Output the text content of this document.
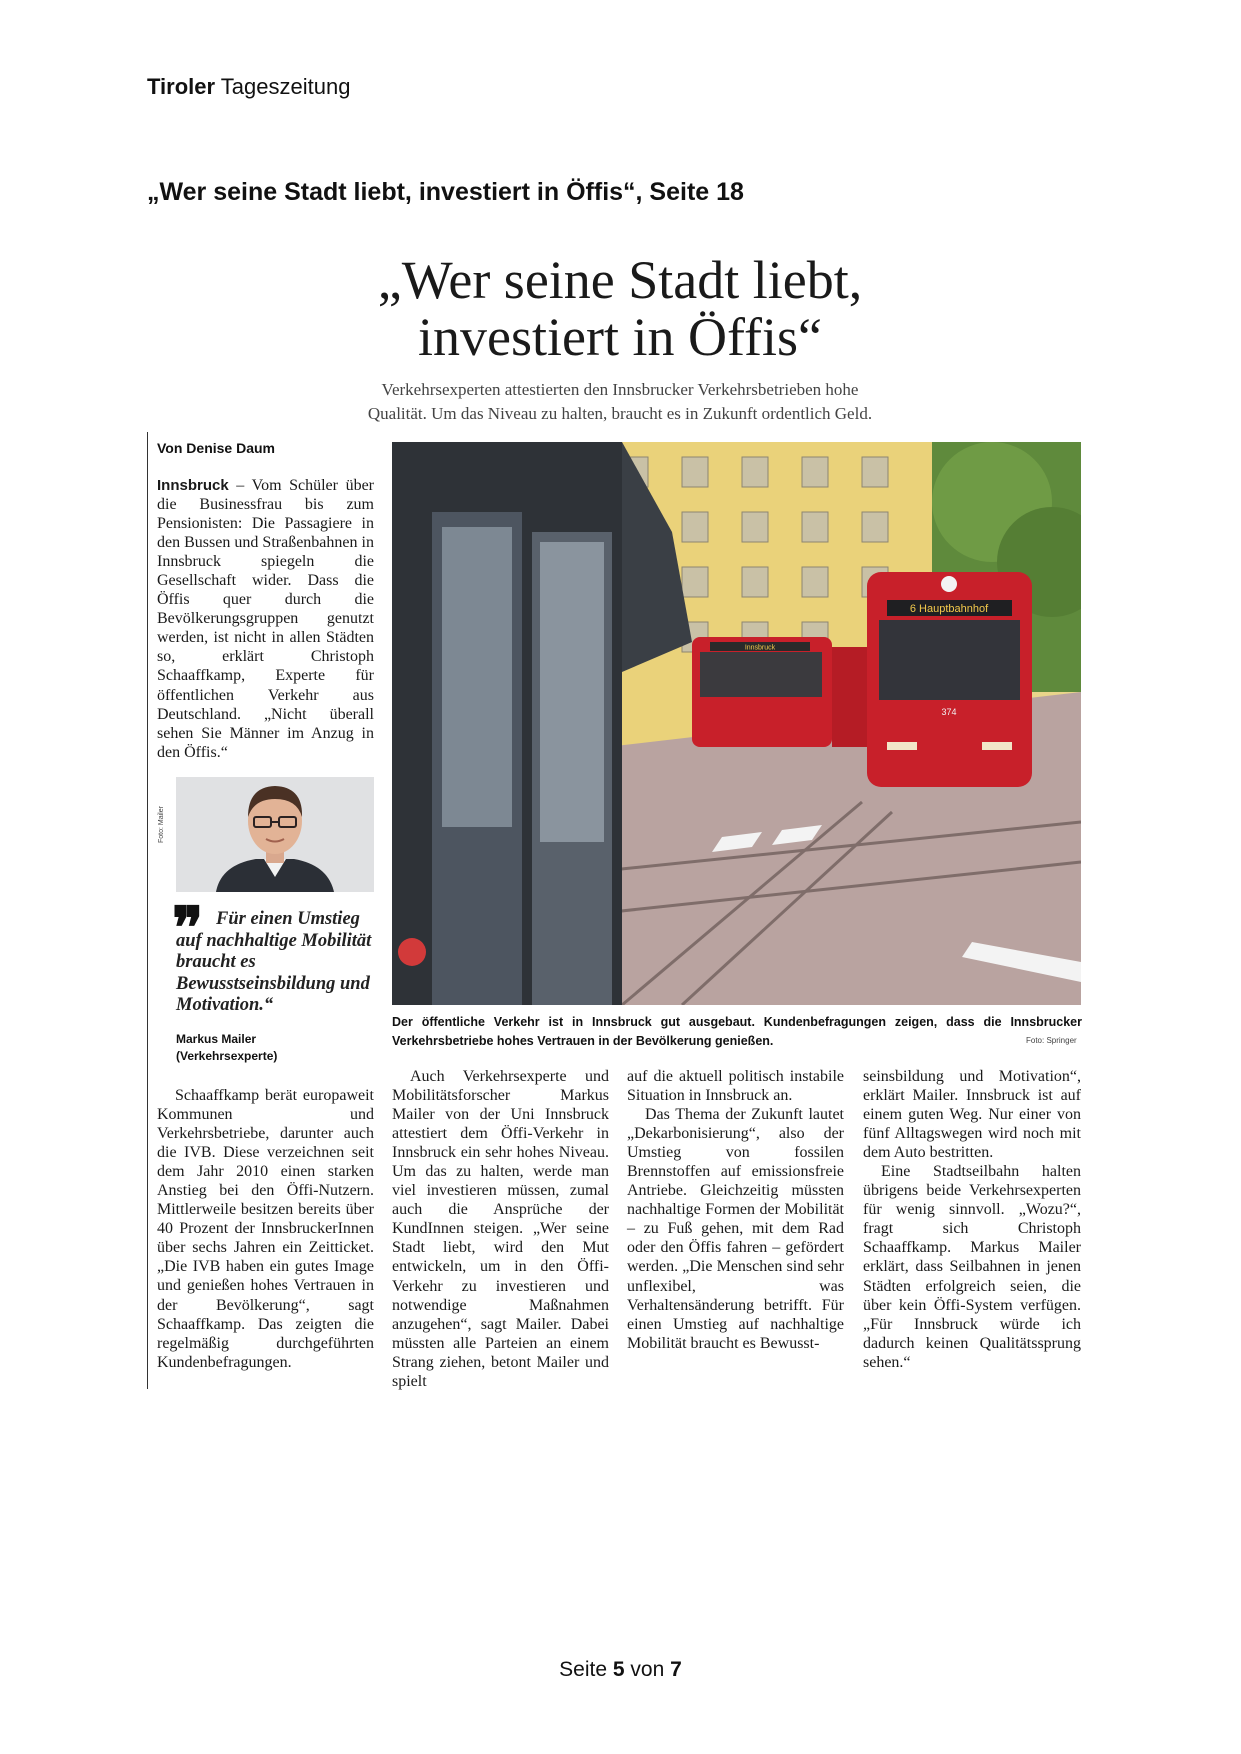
Tiroler Tageszeitung
„Wer seine Stadt liebt, investiert in Öffis“, Seite 18
„Wer seine Stadt liebt,
investiert in Öffis“
Verkehrsexperten attestierten den Innsbrucker Verkehrsbetrieben hohe
Qualität. Um das Niveau zu halten, braucht es in Zukunft ordentlich Geld.
Von Denise Daum

Innsbruck – Vom Schüler über die Businessfrau bis zum Pensionisten: Die Passagiere in den Bussen und Straßenbahnen in Innsbruck spiegeln die Gesellschaft wider. Dass die Öffis quer durch die Bevölkerungsgruppen genutzt werden, ist nicht in allen Städten so, erklärt Christoph Schaaffkamp, Experte für öffentlichen Verkehr aus Deutschland. „Nicht überall sehen Sie Männer im Anzug in den Öffis.“

Foto: Mailer
❞ Für einen Umstieg auf nachhaltige Mobilität braucht es Bewusstseinsbildung und Motivation.“
Markus Mailer
(Verkehrsexperte)
Innsbruck
6 Hauptbahnhof
374
Der öffentliche Verkehr ist in Innsbruck gut ausgebaut. Kundenbefragungen zeigen, dass die Innsbrucker Verkehrsbetriebe hohes Vertrauen in der Bevölkerung genießen.	Foto: Springer

Schaaffkamp berät europaweit Kommunen und Verkehrsbetriebe, darunter auch die IVB. Diese verzeichnen seit dem Jahr 2010 einen starken Anstieg bei den Öffi-Nutzern. Mittlerweile besitzen bereits über 40 Prozent der InnsbruckerInnen über sechs Jahren ein Zeitticket. „Die IVB haben ein gutes Image und genießen hohes Vertrauen in der Bevölkerung“, sagt Schaaffkamp. Das zeigten die regelmäßig durchgeführten Kundenbefragungen.

Auch Verkehrsexperte und Mobilitätsforscher Markus Mailer von der Uni Innsbruck attestiert dem Öffi-Verkehr in Innsbruck ein sehr hohes Niveau. Um das zu halten, werde man viel investieren müssen, zumal auch die Ansprüche der KundInnen steigen. „Wer seine Stadt liebt, wird den Mut entwickeln, um in den Öffi-Verkehr zu investieren und notwendige Maßnahmen anzugehen“, sagt Mailer. Dabei müssten alle Parteien an einem Strang ziehen, betont Mailer und spielt

auf die aktuell politisch instabile Situation in Innsbruck an.

Das Thema der Zukunft lautet „Dekarbonisierung“, also der Umstieg von fossilen Brennstoffen auf emissionsfreie Antriebe. Gleichzeitig müssten nachhaltige Formen der Mobilität – zu Fuß gehen, mit dem Rad oder den Öffis fahren – gefördert werden. „Die Menschen sind sehr unflexibel, was Verhaltensänderung betrifft. Für einen Umstieg auf nachhaltige Mobilität braucht es Bewusst-

seinsbildung und Motivation“, erklärt Mailer. Innsbruck ist auf einem guten Weg. Nur einer von fünf Alltagswegen wird noch mit dem Auto bestritten.

Eine Stadtseilbahn halten übrigens beide Verkehrsexperten für wenig sinnvoll. „Wozu?“, fragt sich Christoph Schaaffkamp. Markus Mailer erklärt, dass Seilbahnen in jenen Städten erfolgreich seien, die über kein Öffi-System verfügen. „Für Innsbruck würde ich dadurch keinen Qualitätssprung sehen.“

Seite 5 von 7
